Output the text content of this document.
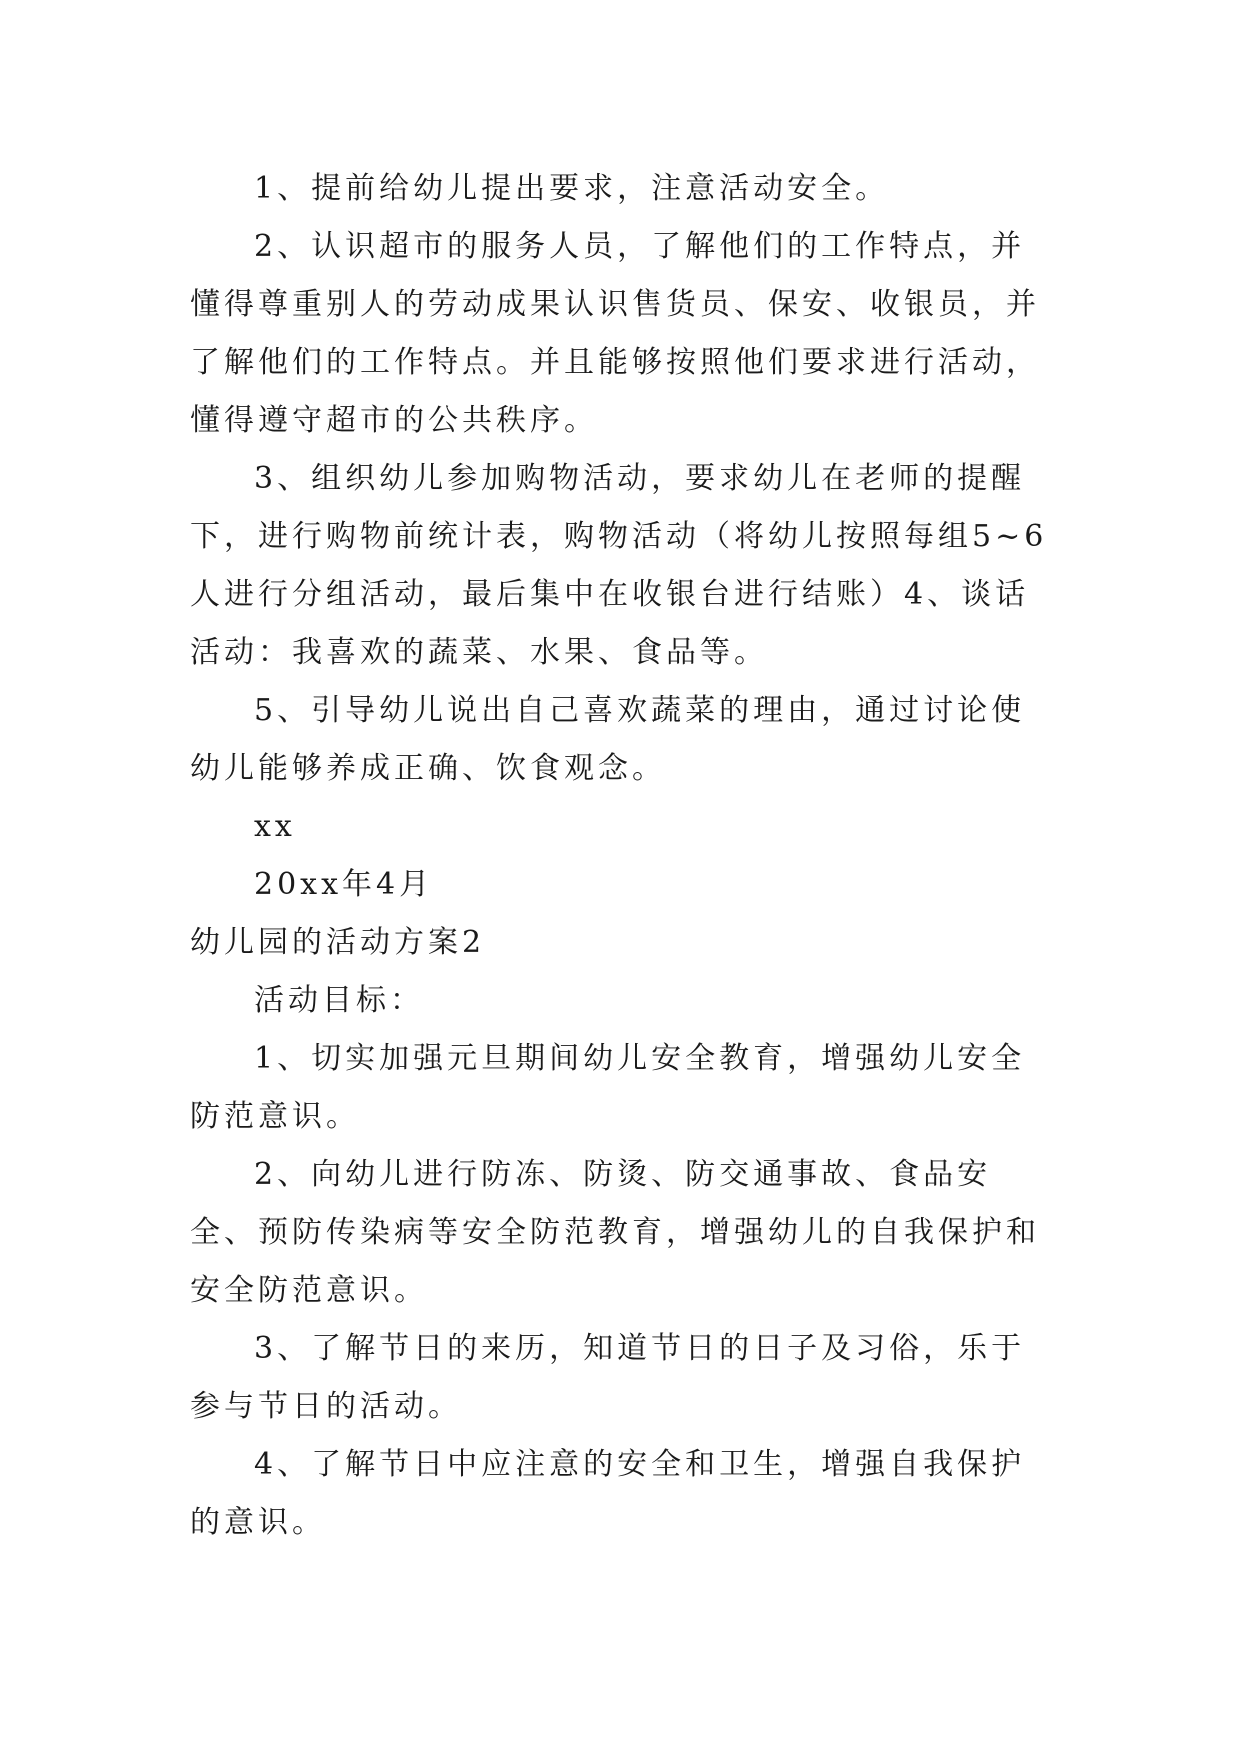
1、提前给幼儿提出要求，注意活动安全。

2、认识超市的服务人员，了解他们的工作特点，并懂得尊重别人的劳动成果认识售货员、保安、收银员，并了解他们的工作特点。并且能够按照他们要求进行活动，懂得遵守超市的公共秩序。

3、组织幼儿参加购物活动，要求幼儿在老师的提醒下，进行购物前统计表，购物活动（将幼儿按照每组5~6人进行分组活动，最后集中在收银台进行结账）4、谈话活动：我喜欢的蔬菜、水果、食品等。

5、引导幼儿说出自己喜欢蔬菜的理由，通过讨论使幼儿能够养成正确、饮食观念。

xx

20xx年4月

幼儿园的活动方案2

活动目标：

1、切实加强元旦期间幼儿安全教育，增强幼儿安全防范意识。

2、向幼儿进行防冻、防烫、防交通事故、食品安全、预防传染病等安全防范教育，增强幼儿的自我保护和安全防范意识。

3、了解节日的来历，知道节日的日子及习俗，乐于参与节日的活动。

4、了解节日中应注意的安全和卫生，增强自我保护的意识。
